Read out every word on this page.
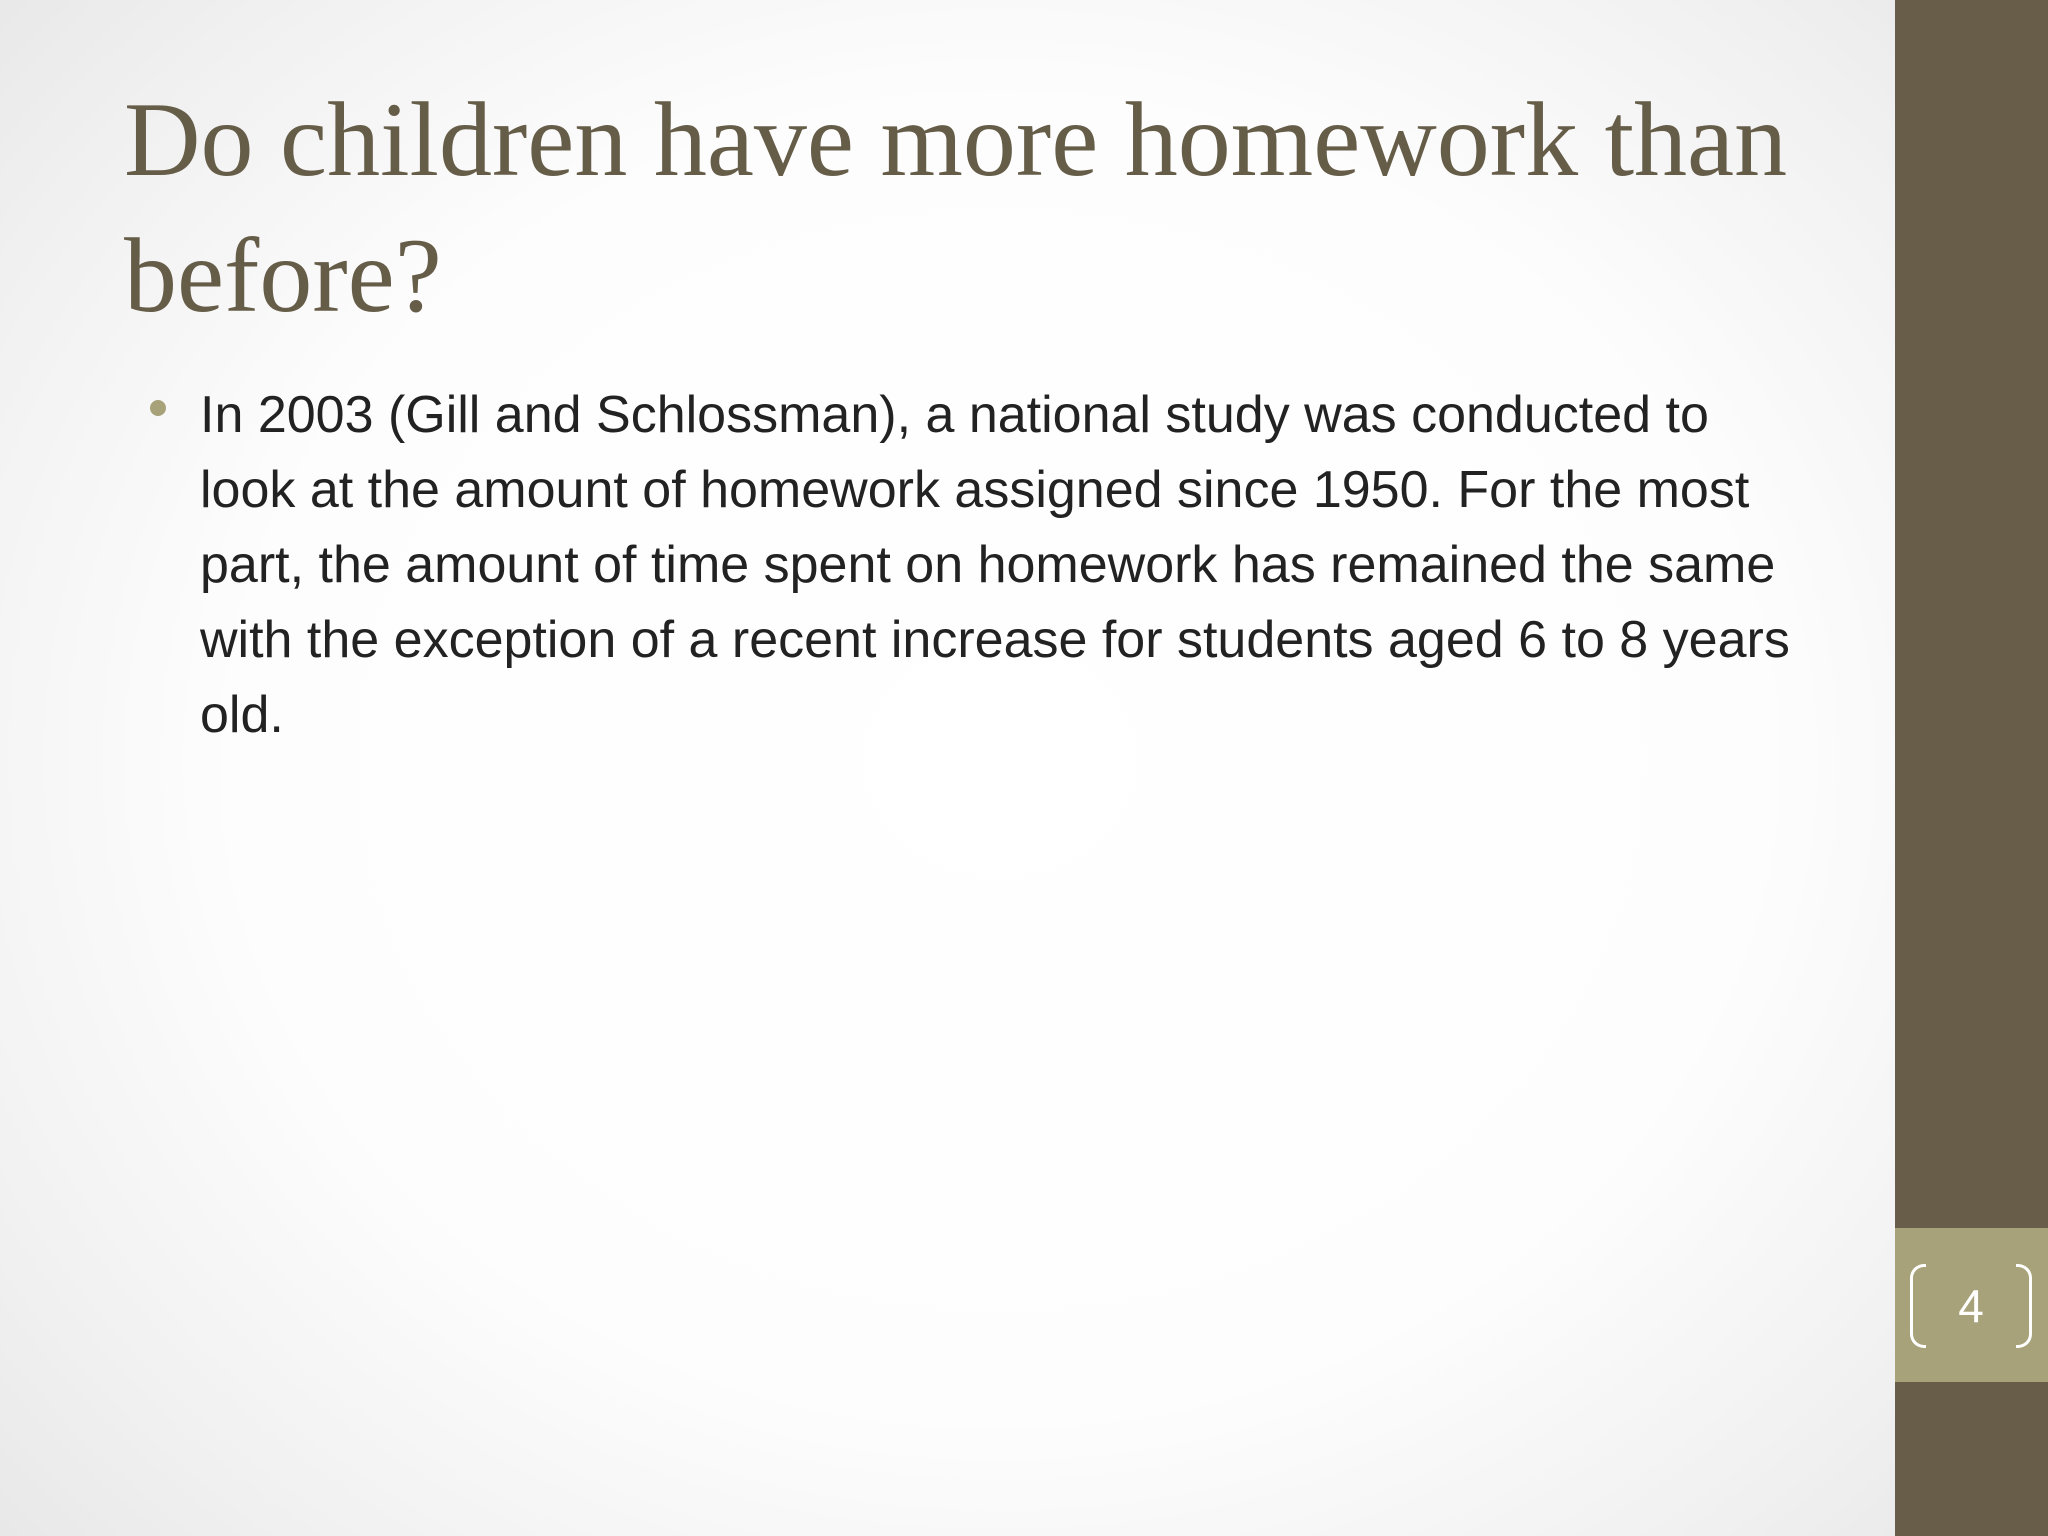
Do children have more homework than before?
In 2003 (Gill and Schlossman), a national study was conducted to look at the amount of homework assigned since 1950. For the most part, the amount of time spent on homework has remained the same with the exception of a recent increase for students aged 6 to 8 years old.
4
